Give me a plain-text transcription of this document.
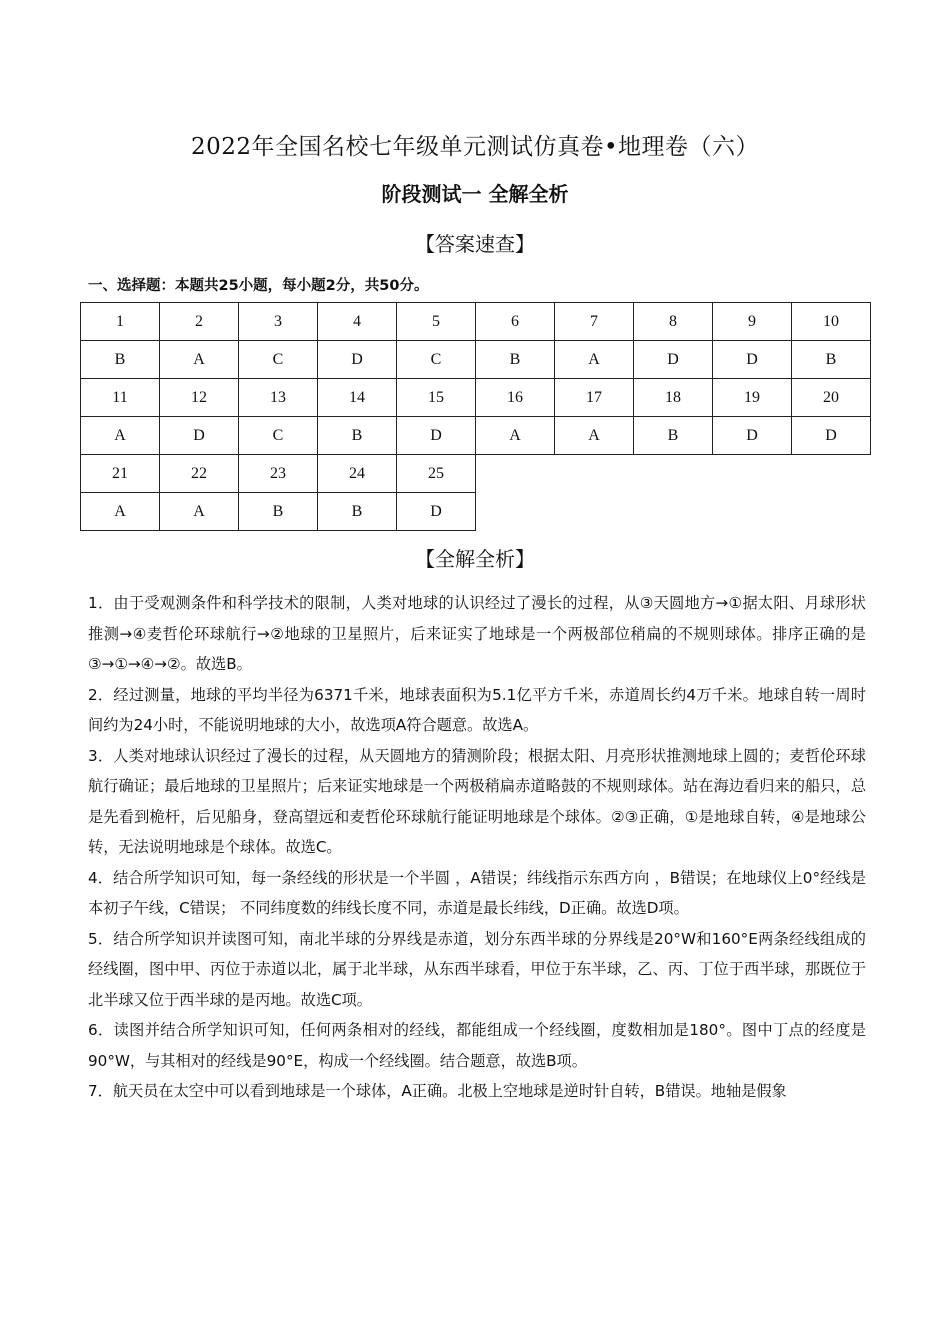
2022年全国名校七年级单元测试仿真卷•地理卷（六）
阶段测试一 全解全析
【答案速查】
一、选择题：本题共25小题，每小题2分，共50分。
1	2	3	4	5	6	7	8	9	10
B	A	C	D	C	B	A	D	D	B
11	12	13	14	15	16	17	18	19	20
A	D	C	B	D	A	A	B	D	D
21	22	23	24	25					
A	A	B	B	D					
【全解全析】

1．由于受观测条件和科学技术的限制，人类对地球的认识经过了漫长的过程，从③天圆地方→①据太阳、月球形状推测→④麦哲伦环球航行→②地球的卫星照片，后来证实了地球是一个两极部位稍扁的不规则球体。排序正确的是③→①→④→②。故选B。

2．经过测量，地球的平均半径为6371千米，地球表面积为5.1亿平方千米，赤道周长约4万千米。地球自转一周时间约为24小时，不能说明地球的大小，故选项A符合题意。故选A。

3．人类对地球认识经过了漫长的过程，从天圆地方的猜测阶段；根据太阳、月亮形状推测地球上圆的；麦哲伦环球航行确证；最后地球的卫星照片；后来证实地球是一个两极稍扁赤道略鼓的不规则球体。站在海边看归来的船只，总是先看到桅杆，后见船身，登高望远和麦哲伦环球航行能证明地球是个球体。②③正确，①是地球自转，④是地球公转，无法说明地球是个球体。故选C。

4．结合所学知识可知，每一条经线的形状是一个半圆 ，A错误；纬线指示东西方向 ，B错误；在地球仪上0°经线是本初子午线，C错误； 不同纬度数的纬线长度不同，赤道是最长纬线，D正确。故选D项。

5．结合所学知识并读图可知，南北半球的分界线是赤道，划分东西半球的分界线是20°W和160°E两条经线组成的经线圈，图中甲、丙位于赤道以北，属于北半球，从东西半球看，甲位于东半球，乙、丙、丁位于西半球，那既位于北半球又位于西半球的是丙地。故选C项。

6．读图并结合所学知识可知，任何两条相对的经线，都能组成一个经线圈，度数相加是180°。图中丁点的经度是90°W，与其相对的经线是90°E，构成一个经线圈。结合题意，故选B项。

7．航天员在太空中可以看到地球是一个球体，A正确。北极上空地球是逆时针自转，B错误。地轴是假象
